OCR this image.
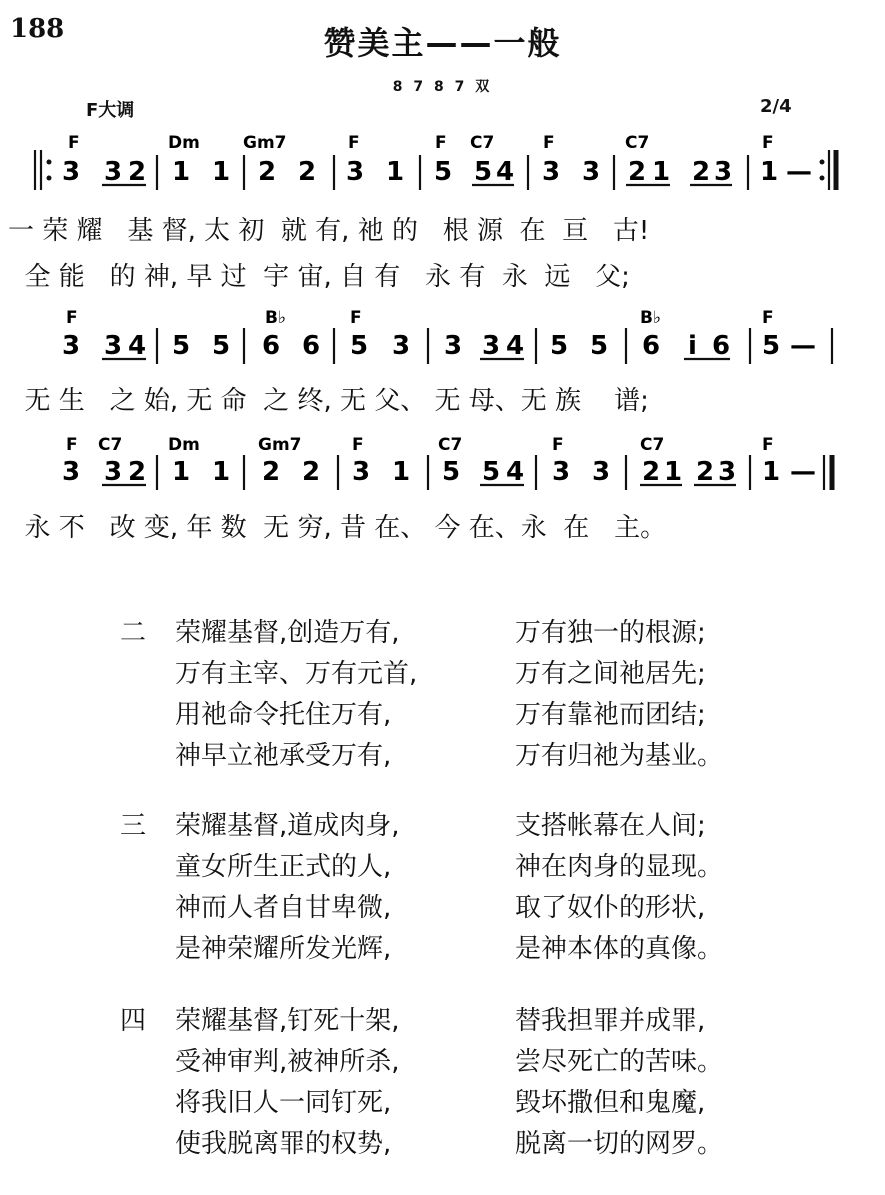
188	赞美主——一般
8 7 8 7 双
F大调	2/4
F	Dm	Gm7	F	F C7	F	C7	F
3 3 2 1 1 2 2 3 1 5 5 4 3 3 2 1 2 3 1 —
F	B♭	F	B♭	F
3 3 4 5 5 6 6 5 3 3 3 4 5 5 6 i 6 5 —
F C7	Dm	Gm7	F	C7	F	C7	F
3 3 2 1 1 2 2 3 1 5 5 4 3 3 2 1 2 3 1 —
一 荣 耀   基 督, 太 初  就 有, 祂 的   根 源  在  亘   古!
全 能   的 神, 早 过  宇 宙, 自 有   永 有  永  远   父;
无 生   之 始, 无 命  之 终, 无 父、 无 母、无 族    谱;
永 不   改 变, 年 数  无 穷, 昔 在、 今 在、永  在   主。
二 荣耀基督,创造万有,	万有独一的根源;
万有主宰、万有元首,	万有之间祂居先;
用祂命令托住万有,	万有靠祂而团结;
神早立祂承受万有,	万有归祂为基业。
三 荣耀基督,道成肉身,	支搭帐幕在人间;
童女所生正式的人,	神在肉身的显现。
神而人者自甘卑微,	取了奴仆的形状,
是神荣耀所发光辉,	是神本体的真像。
四 荣耀基督,钉死十架,	替我担罪并成罪,
受神审判,被神所杀,	尝尽死亡的苦味。
将我旧人一同钉死,	毁坏撒但和鬼魔,
使我脱离罪的权势,	脱离一切的网罗。
